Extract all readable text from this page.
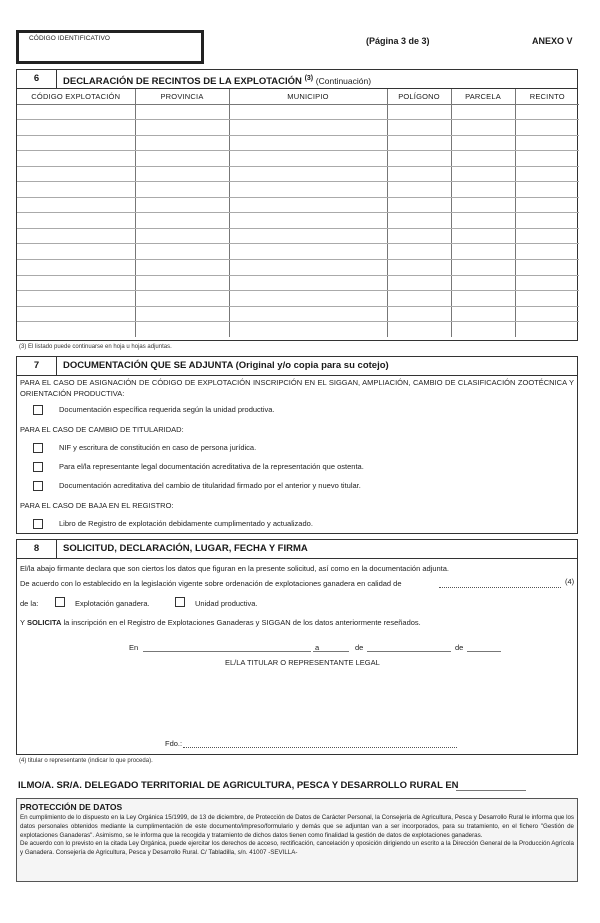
CÓDIGO IDENTIFICATIVO	(Página 3 de 3)	ANEXO V
6	DECLARACIÓN DE RECINTOS DE LA EXPLOTACIÓN $^{(3)}$ (Continuación)
CÓDIGO EXPLOTACIÓN	PROVINCIA	MUNICIPIO	POLÍGONO	PARCELA	RECINTO

(3) El listado puede continuarse en hoja u hojas adjuntas.
7	DOCUMENTACIÓN QUE SE ADJUNTA (Original y/o copia para su cotejo)
PARA EL CASO DE ASIGNACIÓN DE CÓDIGO DE EXPLOTACIÓN INSCRIPCIÓN EN EL SIGGAN, AMPLIACIÓN, CAMBIO DE CLASIFICACIÓN ZOOTÉCNICA Y ORIENTACIÓN PRODUCTIVA:
Documentación específica requerida según la unidad productiva.
PARA EL CASO DE CAMBIO DE TITULARIDAD:
NIF y escritura de constitución en caso de persona jurídica.
Para el/la representante legal documentación acreditativa de la representación que ostenta.
Documentación acreditativa del cambio de titularidad firmado por el anterior y nuevo titular.
PARA EL CASO DE BAJA EN EL REGISTRO:
Libro de Registro de explotación debidamente cumplimentado y actualizado.
8	SOLICITUD, DECLARACIÓN, LUGAR, FECHA Y FIRMA
El/la abajo firmante declara que son ciertos los datos que figuran en la presente solicitud, así como en la documentación adjunta.
De acuerdo con lo establecido en la legislación vigente sobre ordenación de explotaciones ganadera en calidad de	(4)
de la:	Explotación ganadera.	Unidad productiva.
Y SOLICITA la inscripción en el Registro de Explotaciones Ganaderas y SIGGAN de los datos anteriormente reseñados.
En	a	de	de
EL/LA TITULAR O REPRESENTANTE LEGAL
Fdo.:
(4) titular o representante (indicar lo que proceda).
ILMO/A. SR/A. DELEGADO TERRITORIAL DE AGRICULTURA, PESCA Y DESARROLLO RURAL EN
PROTECCIÓN DE DATOS
En cumplimiento de lo dispuesto en la Ley Orgánica 15/1999, de 13 de diciembre, de Protección de Datos de Carácter Personal, la Consejería de Agricultura, Pesca y Desarrollo Rural le informa que los datos personales obtenidos mediante la cumplimentación de este documento/impreso/formulario y demás que se adjuntan van a ser incorporados, para su tratamiento, en el fichero "Gestión de explotaciones Ganaderas". Asimismo, se le informa que la recogida y tratamiento de dichos datos tienen como finalidad la gestión de datos de explotaciones ganaderas.
De acuerdo con lo previsto en la citada Ley Orgánica, puede ejercitar los derechos de acceso, rectificación, cancelación y oposición dirigiendo un escrito a la Dirección General de la Producción Agrícola y Ganadera. Consejería de Agricultura, Pesca y Desarrollo Rural. C/ Tabladilla, s/n. 41007 -SEVILLA-
